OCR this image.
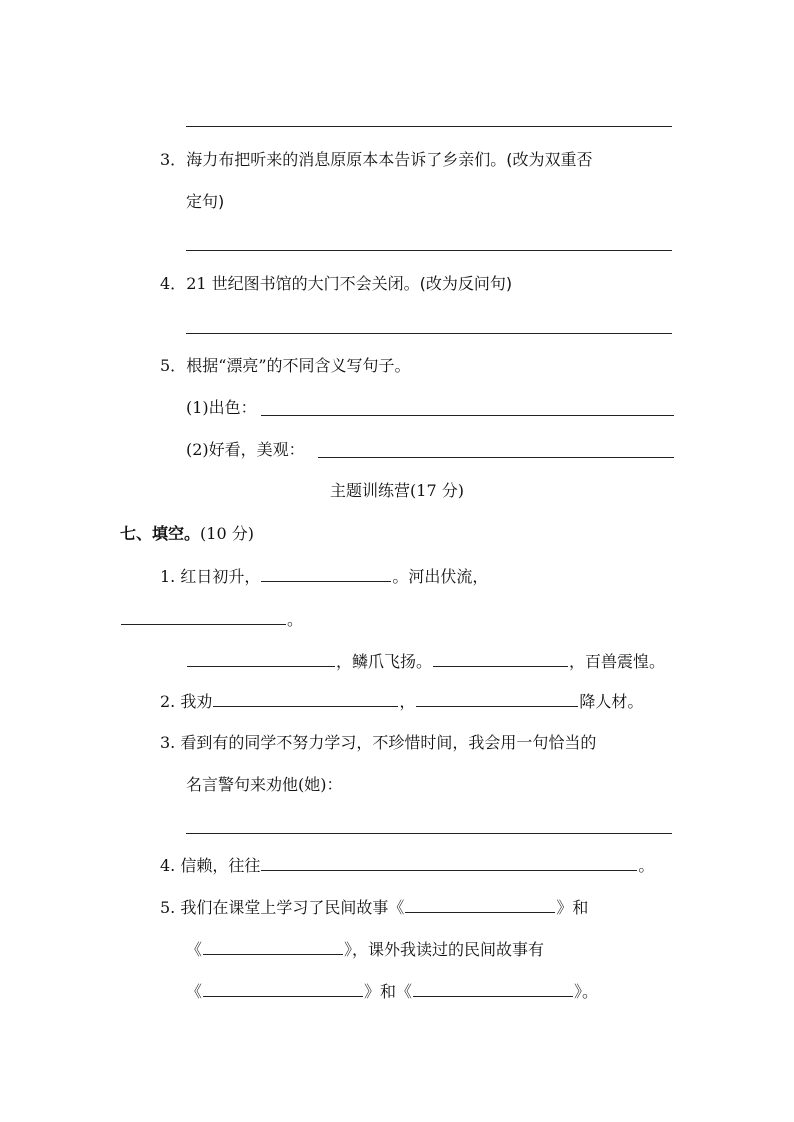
3．海力布把听来的消息原原本本告诉了乡亲们。(改为双重否
定句)
4．21 世纪图书馆的大门不会关闭。(改为反问句)
5．根据“漂亮”的不同含义写句子。
(1)出色：
(2)好看，美观：
主题训练营(17 分)
七、填空。(10 分)
1. 红日初升，	。河出伏流，
。
，鳞爪飞扬。	，百兽震惶。
2. 我劝	，	降人材。
3. 看到有的同学不努力学习，不珍惜时间，我会用一句恰当的
名言警句来劝他(她)：
4. 信赖，往往	。
5. 我们在课堂上学习了民间故事《	》和
《	》，课外我读过的民间故事有
《	》和《	》。
